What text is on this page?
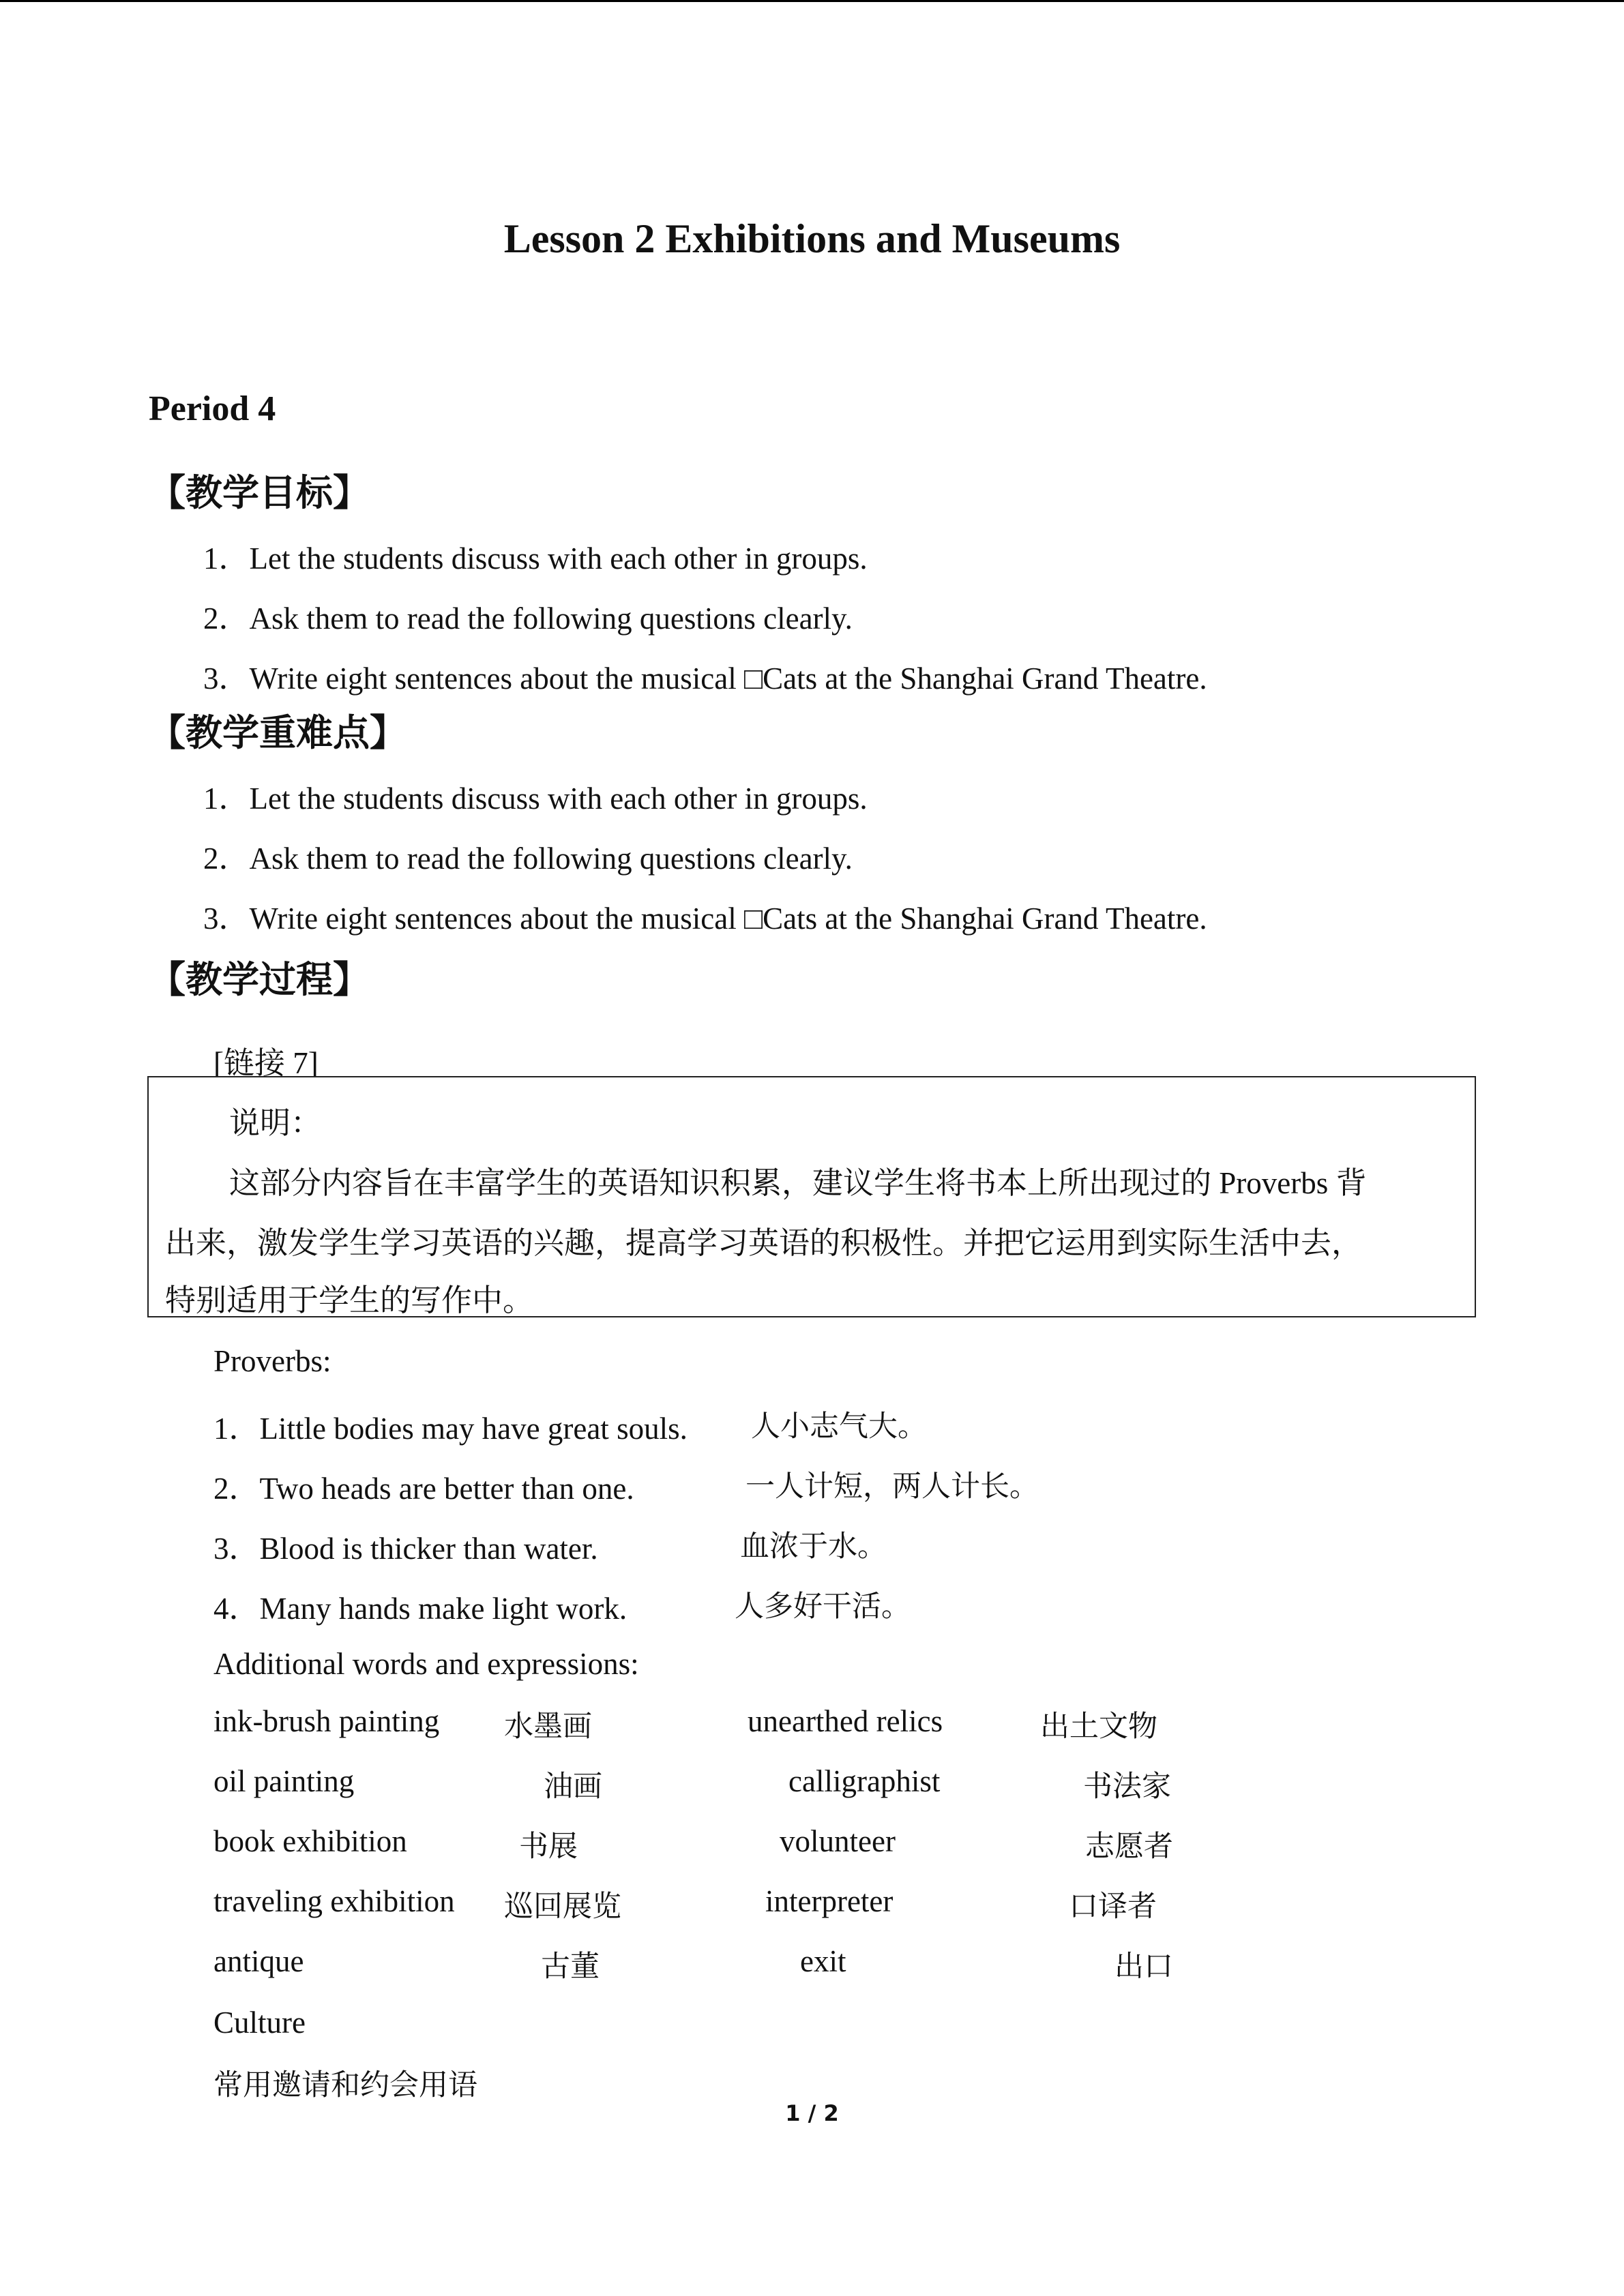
Lesson 2 Exhibitions and Museums
Period 4
【教学目标】
1．Let the students discuss with each other in groups.
2．Ask them to read the following questions clearly.
3．Write eight sentences about the musical □Cats at the Shanghai Grand Theatre.
【教学重难点】
1．Let the students discuss with each other in groups.
2．Ask them to read the following questions clearly.
3．Write eight sentences about the musical □Cats at the Shanghai Grand Theatre.
【教学过程】
[链接 7]
说明：
这部分内容旨在丰富学生的英语知识积累，建议学生将书本上所出现过的 Proverbs 背
出来，激发学生学习英语的兴趣，提高学习英语的积极性。并把它运用到实际生活中去，
特别适用于学生的写作中。
Proverbs:
1．Little bodies may have great souls. 人小志气大。
2．Two heads are better than one.	一人计短，两人计长。
3．Blood is thicker than water.	血浓于水。
4．Many hands make light work.	人多好干活。
Additional words and expressions:
ink-brush painting 水墨画	unearthed relics	出土文物
oil painting	油画	calligraphist	书法家
book exhibition	书展	volunteer	志愿者
traveling exhibition 巡回展览	interpreter	口译者
antique	古董	exit	出口
Culture
常用邀请和约会用语
1 / 2
